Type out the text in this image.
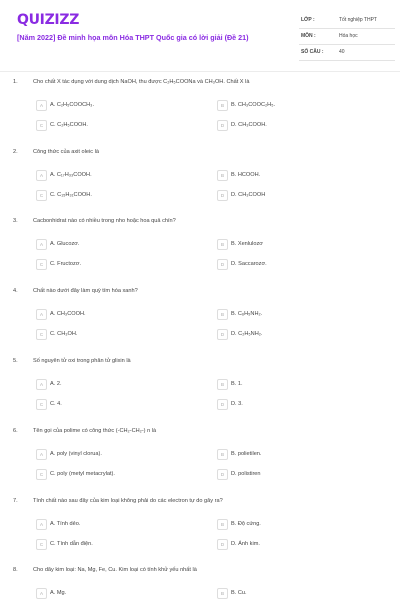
QUIZIZZ
[Năm 2022] Đề minh họa môn Hóa THPT Quốc gia có lời giải (Đề 21)
LỚP :	Tốt nghiệp THPT
MÔN :	Hóa học
SỐ CÂU :	40
1.	Cho chất X tác dụng với dung dịch NaOH, thu được C₂H₅COONa và CH₃OH. Chất X là
A	A. C₂H₅COOCH₃.	B	B. CH₃COOC₂H₅.
C	C. C₂H₅COOH.	D	D. CH₃COOH.
2.	Công thức của axit oleic là
A	A. C₁₇H₃₃COOH.	B	B. HCOOH.
C	C. C₁₅H₃₁COOH.	D	D. CH₃COOH
3.	Cacbonhidrat nào có nhiều trong nho hoặc hoa quả chín?
A	A. Glucozơ.	B	B. Xenlulozơ
C	C. Fructozơ.	D	D. Saccarozơ.
4.	Chất nào dưới đây làm quỳ tím hóa xanh?
A	A. CH₃COOH.	B	B. C₆H₅NH₂.
C	C. CH₃OH.	D	D. C₂H₅NH₂.
5.	Số nguyên tử oxi trong phân tử glixin là
A	A. 2.	B	B. 1.
C	C. 4.	D	D. 3.
6.	Tên gọi của polime có công thức (-CH₂-CH₂-) n là
A	A. poly (vinyl clorua).	B	B. polietilen.
C	C. poly (metyl metacrylat).	D	D. polistiren
7.	Tính chất nào sau đây của kim loại không phải do các electron tự do gây ra?
A	A. Tính dẻo.	B	B. Độ cứng.
C	C. Tính dẫn điện.	D	D. Ánh kim.
8.	Cho dãy kim loại: Na, Mg, Fe, Cu. Kim loại có tính khử yếu nhất là
A	A. Mg.	B	B. Cu.
